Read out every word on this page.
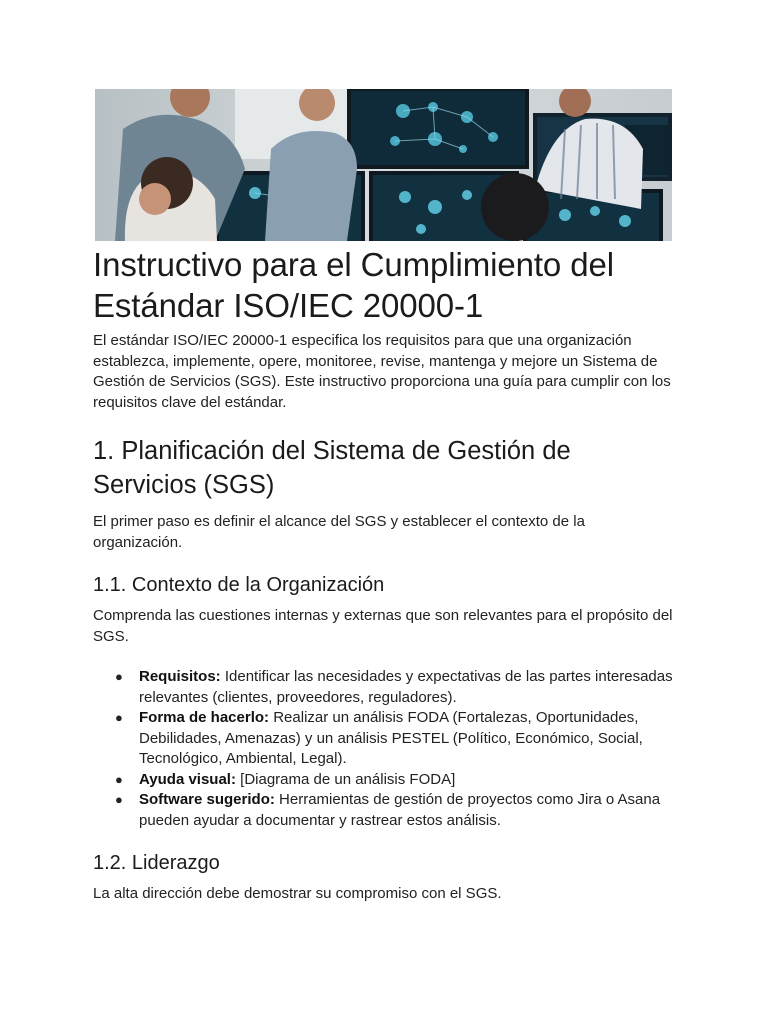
Instructivo para el Cumplimiento del Estándar ISO/IEC 20000-1

El estándar ISO/IEC 20000-1 especifica los requisitos para que una organización establezca, implemente, opere, monitoree, revise, mantenga y mejore un Sistema de Gestión de Servicios (SGS). Este instructivo proporciona una guía para cumplir con los requisitos clave del estándar.

1. Planificación del Sistema de Gestión de Servicios (SGS)

El primer paso es definir el alcance del SGS y establecer el contexto de la organización.

1.1. Contexto de la Organización

Comprenda las cuestiones internas y externas que son relevantes para el propósito del SGS.

● Requisitos: Identificar las necesidades y expectativas de las partes interesadas relevantes (clientes, proveedores, reguladores).
● Forma de hacerlo: Realizar un análisis FODA (Fortalezas, Oportunidades, Debilidades, Amenazas) y un análisis PESTEL (Político, Económico, Social, Tecnológico, Ambiental, Legal).
● Ayuda visual: [Diagrama de un análisis FODA]
● Software sugerido: Herramientas de gestión de proyectos como Jira o Asana pueden ayudar a documentar y rastrear estos análisis.
1.2. Liderazgo

La alta dirección debe demostrar su compromiso con el SGS.
